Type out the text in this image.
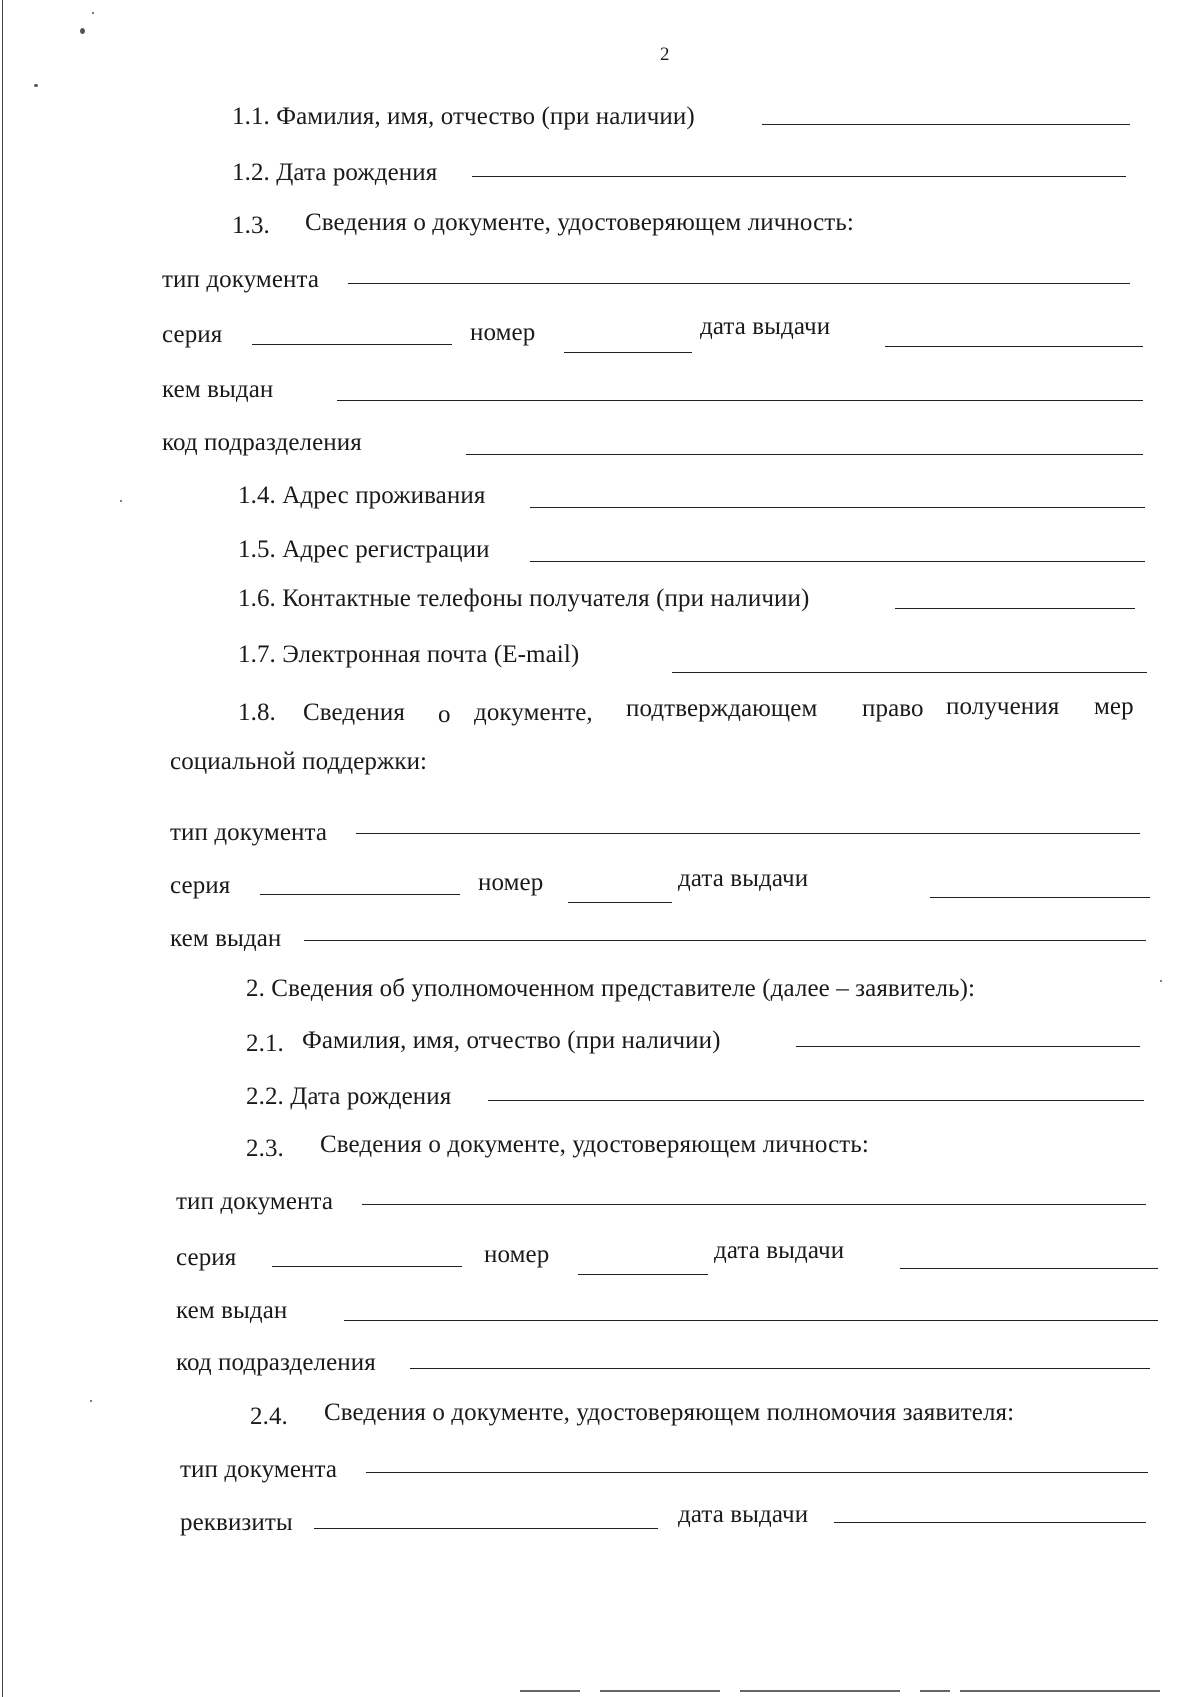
2
1.1. Фамилия, имя, отчество (при наличии)
1.2. Дата рождения
1.3. Сведения о документе, удостоверяющем личность:
тип документа
серия	номер	дата выдачи
кем выдан
код подразделения
1.4. Адрес проживания
1.5. Адрес регистрации
1.6. Контактные телефоны получателя (при наличии)
1.7. Электронная почта (E-mail)
1.8. Сведения о документе, подтверждающем право получения мер
социальной поддержки:
тип документа
серия	номер	дата выдачи
кем выдан
2. Сведения об уполномоченном представителе (далее – заявитель):
2.1. Фамилия, имя, отчество (при наличии)
2.2. Дата рождения
2.3. Сведения о документе, удостоверяющем личность:
тип документа
серия	номер	дата выдачи
кем выдан
код подразделения
2.4. Сведения о документе, удостоверяющем полномочия заявителя:
тип документа
реквизиты	дата выдачи
